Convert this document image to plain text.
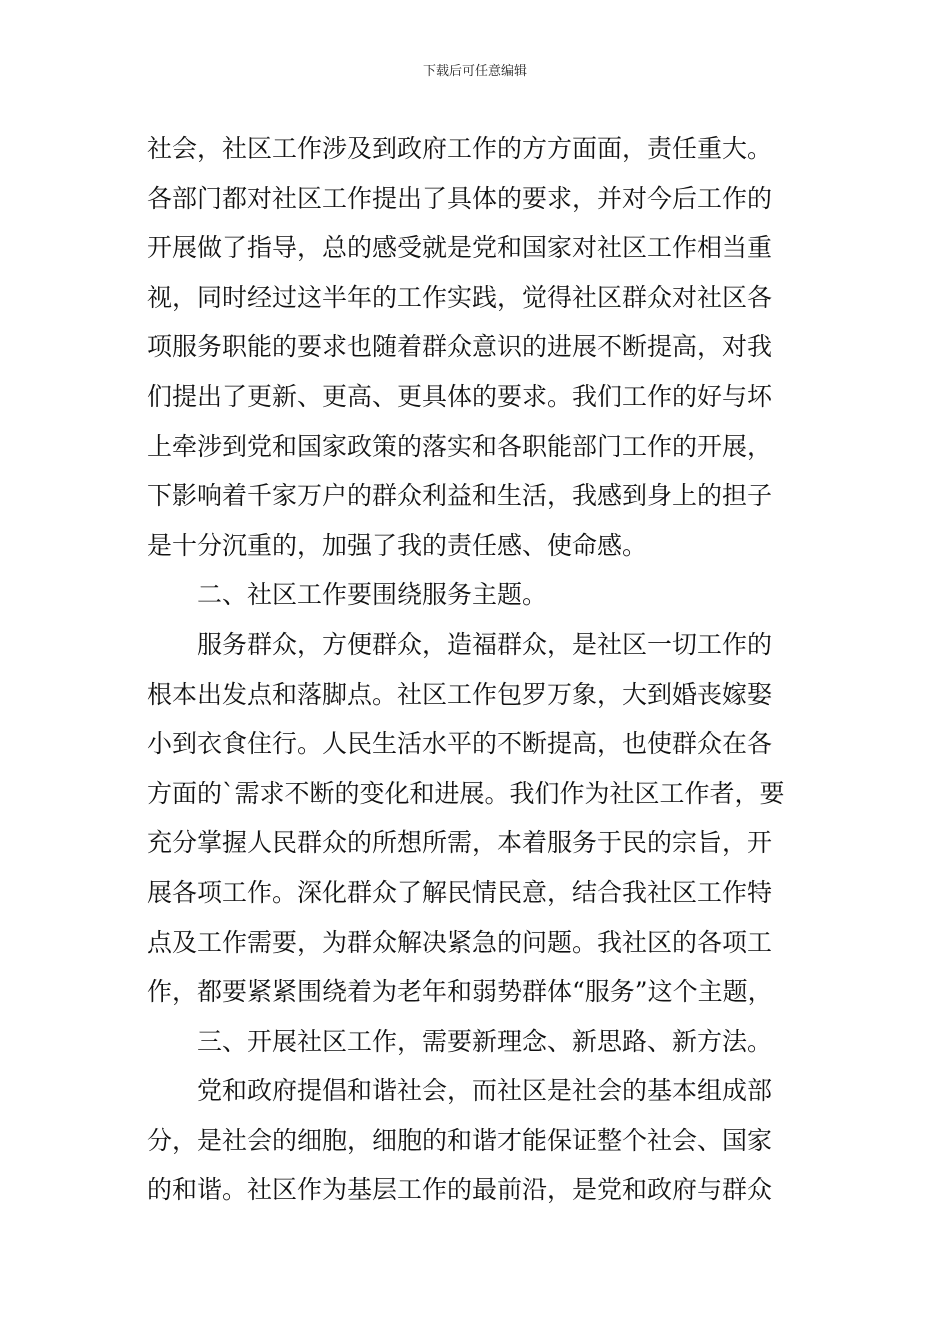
下载后可任意编辑
社会，社区工作涉及到政府工作的方方面面，责任重大。
各部门都对社区工作提出了具体的要求，并对今后工作的
开展做了指导，总的感受就是党和国家对社区工作相当重
视，同时经过这半年的工作实践，觉得社区群众对社区各
项服务职能的要求也随着群众意识的进展不断提高，对我
们提出了更新、更高、更具体的要求。我们工作的好与坏
上牵涉到党和国家政策的落实和各职能部门工作的开展，
下影响着千家万户的群众利益和生活，我感到身上的担子
是十分沉重的，加强了我的责任感、使命感。
二、社区工作要围绕服务主题。
服务群众，方便群众，造福群众，是社区一切工作的
根本出发点和落脚点。社区工作包罗万象，大到婚丧嫁娶
小到衣食住行。人民生活水平的不断提高，也使群众在各
方面的`需求不断的变化和进展。我们作为社区工作者，要
充分掌握人民群众的所想所需，本着服务于民的宗旨，开
展各项工作。深化群众了解民情民意，结合我社区工作特
点及工作需要，为群众解决紧急的问题。我社区的各项工
作，都要紧紧围绕着为老年和弱势群体“服务”这个主题，
三、开展社区工作，需要新理念、新思路、新方法。
党和政府提倡和谐社会，而社区是社会的基本组成部
分，是社会的细胞，细胞的和谐才能保证整个社会、国家
的和谐。社区作为基层工作的最前沿，是党和政府与群众
